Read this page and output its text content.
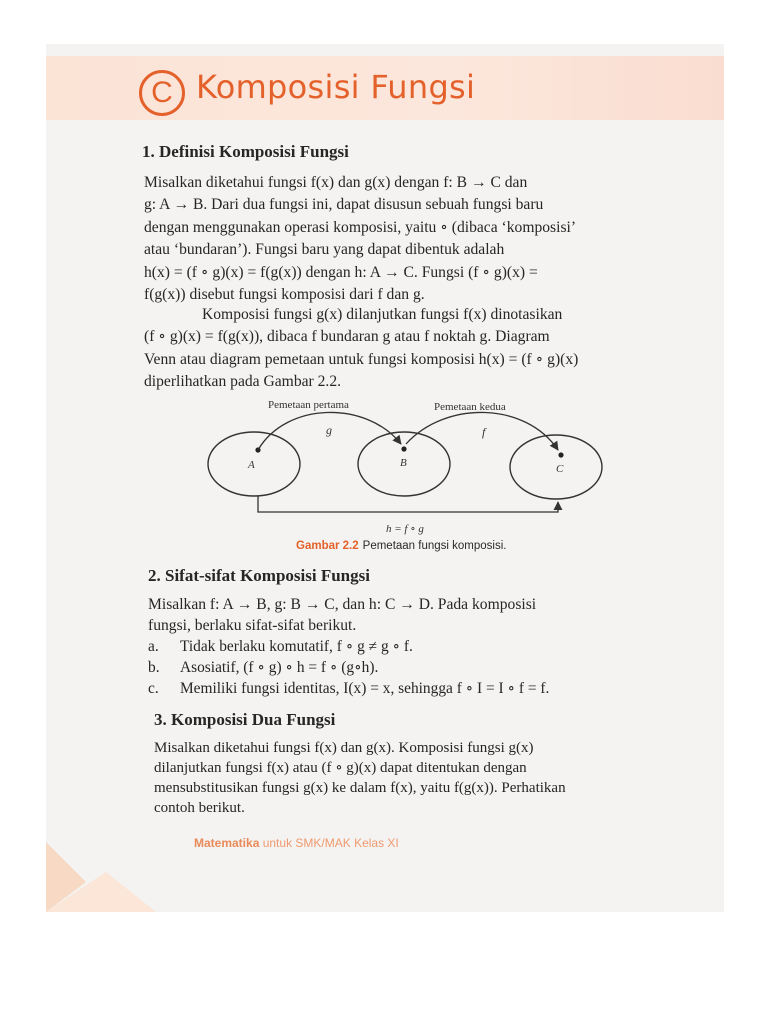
C Komposisi Fungsi
1. Definisi Komposisi Fungsi

Misalkan diketahui fungsi f(x) dan g(x) dengan f: B → C dan

g: A → B. Dari dua fungsi ini, dapat disusun sebuah fungsi baru

dengan menggunakan operasi komposisi, yaitu ∘ (dibaca ‘komposisi’

atau ‘bundaran’). Fungsi baru yang dapat dibentuk adalah

h(x) = (f ∘ g)(x) = f(g(x)) dengan h: A → C. Fungsi (f ∘ g)(x) =

f(g(x)) disebut fungsi komposisi dari f dan g.

Komposisi fungsi g(x) dilanjutkan fungsi f(x) dinotasikan

(f ∘ g)(x) = f(g(x)), dibaca f bundaran g atau f noktah g. Diagram

Venn atau diagram pemetaan untuk fungsi komposisi h(x) = (f ∘ g)(x)

diperlihatkan pada Gambar 2.2.

Pemetaan pertama	Pemetaan kedua
g	f
A	B	C
h = f ∘ g
Gambar 2.2 Pemetaan fungsi komposisi.
2. Sifat-sifat Komposisi Fungsi

Misalkan f: A → B, g: B → C, dan h: C → D. Pada komposisi

fungsi, berlaku sifat-sifat berikut.

a.	Tidak berlaku komutatif, f ∘ g ≠ g ∘ f.
b.	Asosiatif, (f ∘ g) ∘ h = f ∘ (g∘h).
c.	Memiliki fungsi identitas, I(x) = x, sehingga f ∘ I = I ∘ f = f.
3. Komposisi Dua Fungsi

Misalkan diketahui fungsi f(x) dan g(x). Komposisi fungsi g(x)

dilanjutkan fungsi f(x) atau (f ∘ g)(x) dapat ditentukan dengan

mensubstitusikan fungsi g(x) ke dalam f(x), yaitu f(g(x)). Perhatikan

contoh berikut.

Matematika untuk SMK/MAK Kelas XI
